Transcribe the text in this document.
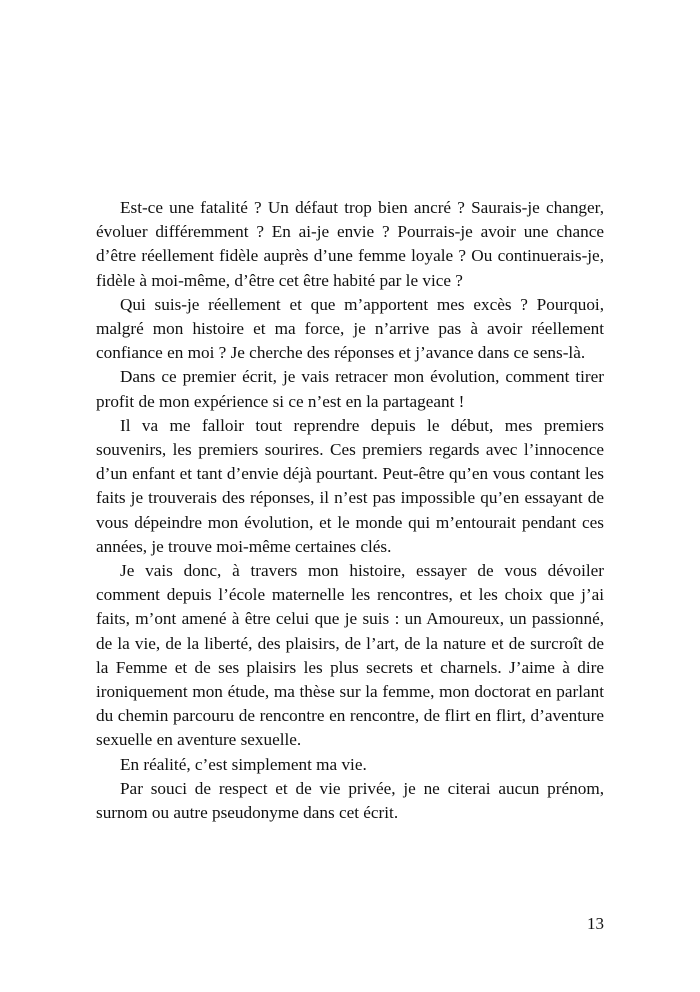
Est-ce une fatalité ? Un défaut trop bien ancré ? Saurais-je changer, évoluer différemment ? En ai-je envie ? Pourrais-je avoir une chance d’être réellement fidèle auprès d’une femme loyale ? Ou continuerais-je, fidèle à moi-même, d’être cet être habité par le vice ?

Qui suis-je réellement et que m’apportent mes excès ? Pourquoi, malgré mon histoire et ma force, je n’arrive pas à avoir réellement confiance en moi ? Je cherche des réponses et j’avance dans ce sens-là.

Dans ce premier écrit, je vais retracer mon évolution, comment tirer profit de mon expérience si ce n’est en la partageant !

Il va me falloir tout reprendre depuis le début, mes premiers souvenirs, les premiers sourires. Ces premiers regards avec l’innocence d’un enfant et tant d’envie déjà pourtant. Peut-être qu’en vous contant les faits je trouverais des réponses, il n’est pas impossible qu’en essayant de vous dépeindre mon évolution, et le monde qui m’entourait pendant ces années, je trouve moi-même certaines clés.

Je vais donc, à travers mon histoire, essayer de vous dévoiler comment depuis l’école maternelle les rencontres, et les choix que j’ai faits, m’ont amené à être celui que je suis : un Amoureux, un passionné, de la vie, de la liberté, des plaisirs, de l’art, de la nature et de surcroît de la Femme et de ses plaisirs les plus secrets et charnels. J’aime à dire ironiquement mon étude, ma thèse sur la femme, mon doctorat en parlant du chemin parcouru de rencontre en rencontre, de flirt en flirt, d’aventure sexuelle en aventure sexuelle.

En réalité, c’est simplement ma vie.

Par souci de respect et de vie privée, je ne citerai aucun prénom, surnom ou autre pseudonyme dans cet écrit.

13
